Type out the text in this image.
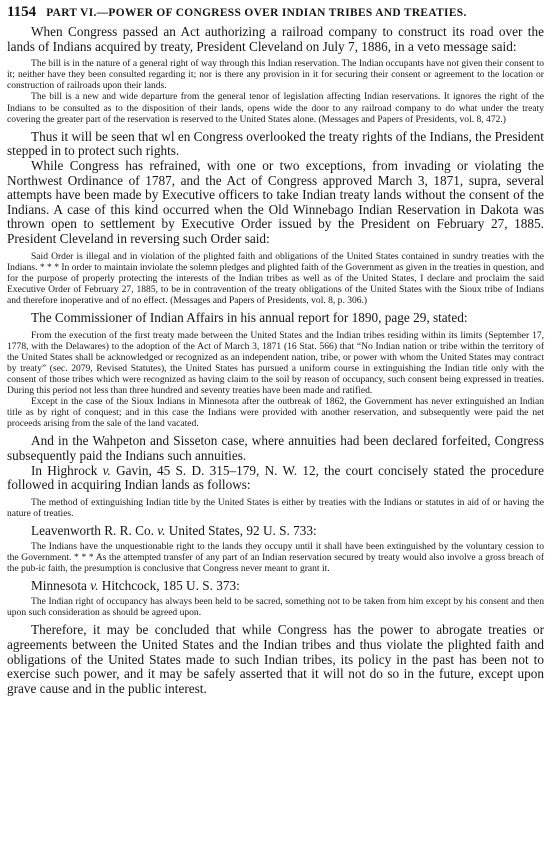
1154 PART VI.—POWER OF CONGRESS OVER INDIAN TRIBES AND TREATIES.

When Congress passed an Act authorizing a railroad company to construct its road over the lands of Indians acquired by treaty, President Cleveland on July 7, 1886, in a veto message said:

The bill is in the nature of a general right of way through this Indian reservation. The Indian occupants have not given their consent to it; neither have they been consulted regarding it; nor is there any provision in it for securing their consent or agreement to the location or construction of railroads upon their lands.

The bill is a new and wide departure from the general tenor of legislation affecting Indian reservations. It ignores the right of the Indians to be consulted as to the disposition of their lands, opens wide the door to any railroad company to do what under the treaty covering the greater part of the reservation is reserved to the United States alone. (Messages and Papers of Presidents, vol. 8, 472.)

Thus it will be seen that wl en Congress overlooked the treaty rights of the Indians, the President stepped in to protect such rights.

While Congress has refrained, with one or two exceptions, from invading or violating the Northwest Ordinance of 1787, and the Act of Congress approved March 3, 1871, supra, several attempts have been made by Executive officers to take Indian treaty lands without the consent of the Indians. A case of this kind occurred when the Old Winnebago Indian Reservation in Dakota was thrown open to settlement by Executive Order issued by the President on February 27, 1885. President Cleveland in reversing such Order said:

Said Order is illegal and in violation of the plighted faith and obligations of the United States contained in sundry treaties with the Indians. * * * In order to maintain inviolate the solemn pledges and plighted faith of the Government as given in the treaties in question, and for the purpose of properly protecting the interests of the Indian tribes as well as of the United States, I declare and proclaim the said Executive Order of February 27, 1885, to be in contravention of the treaty obligations of the United States with the Sioux tribe of Indians and therefore inoperative and of no effect. (Messages and Papers of Presidents, vol. 8, p. 306.)

The Commissioner of Indian Affairs in his annual report for 1890, page 29, stated:

From the execution of the first treaty made between the United States and the Indian tribes residing within its limits (September 17, 1778, with the Delawares) to the adoption of the Act of March 3, 1871 (16 Stat. 566) that “No Indian nation or tribe within the territory of the United States shall be acknowledged or recognized as an independent nation, tribe, or power with whom the United States may contract by treaty” (sec. 2079, Revised Statutes), the United States has pursued a uniform course in extinguishing the Indian title only with the consent of those tribes which were recognized as having claim to the soil by reason of occupancy, such consent being expressed in treaties. During this period not less than three hundred and seventy treaties have been made and ratified.

Except in the case of the Sioux Indians in Minnesota after the outbreak of 1862, the Government has never extinguished an Indian title as by right of conquest; and in this case the Indians were provided with another reservation, and subsequently were paid the net proceeds arising from the sale of the land vacated.

And in the Wahpeton and Sisseton case, where annuities had been declared forfeited, Congress subsequently paid the Indians such annuities.

In Highrock v. Gavin, 45 S. D. 315–179, N. W. 12, the court concisely stated the procedure followed in acquiring Indian lands as follows:

The method of extinguishing Indian title by the United States is either by treaties with the Indians or statutes in aid of or having the nature of treaties.

Leavenworth R. R. Co. v. United States, 92 U. S. 733:

The Indians have the unquestionable right to the lands they occupy until it shall have been extinguished by the voluntary cession to the Government. * * * As the attempted transfer of any part of an Indian reservation secured by treaty would also involve a gross breach of the pub‑ic faith, the presumption is conclusive that Congress never meant to grant it.

Minnesota v. Hitchcock, 185 U. S. 373:

The Indian right of occupancy has always been held to be sacred, something not to be taken from him except by his consent and then upon such consideration as should be agreed upon.

Therefore, it may be concluded that while Congress has the power to abrogate treaties or agreements between the United States and the Indian tribes and thus violate the plighted faith and obligations of the United States made to such Indian tribes, its policy in the past has been not to exercise such power, and it may be safely asserted that it will not do so in the future, except upon grave cause and in the public interest.
